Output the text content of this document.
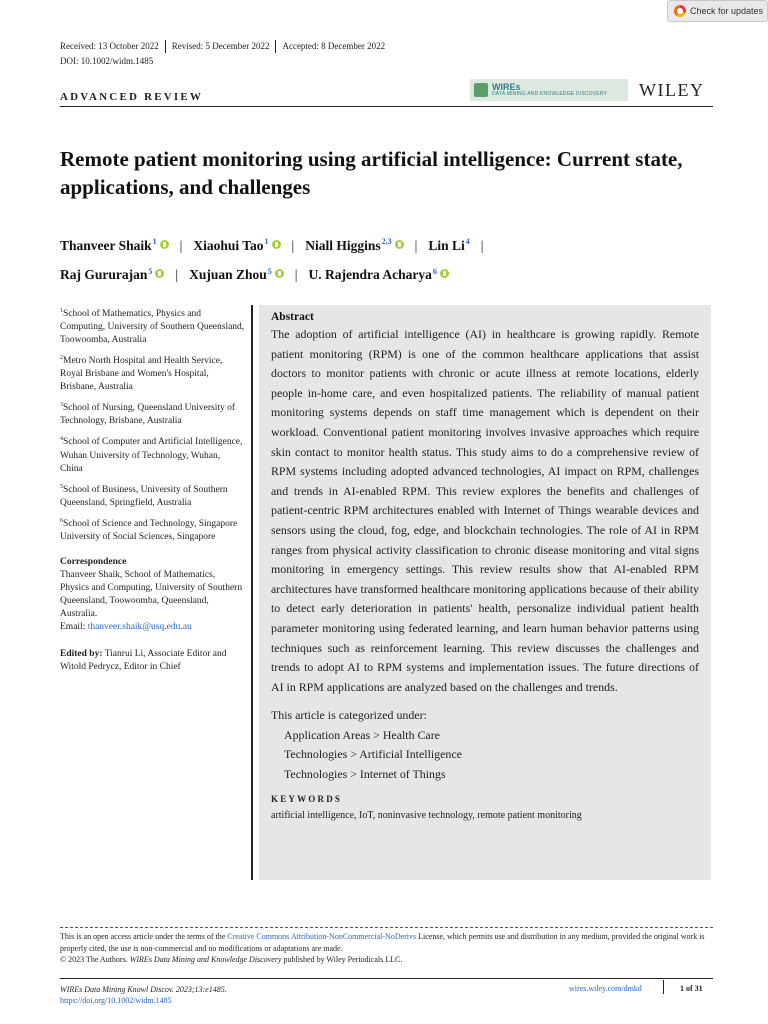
Check for updates
Received: 13 October 2022	Revised: 5 December 2022	Accepted: 8 December 2022
DOI: 10.1002/widm.1485
ADVANCED REVIEW
WIREs
DATA MINING AND KNOWLEDGE DISCOVERY WILEY
Remote patient monitoring using artificial intelligence: Current state, applications, and challenges
Thanveer Shaik$^1$ | Xiaohui Tao$^1$ | Niall Higgins$^{2,3}$ | Lin Li$^4$ |
Raj Gururajan$^5$ | Xujuan Zhou$^5$ | U. Rajendra Acharya$^6$
$^1$School of Mathematics, Physics and Computing, University of Southern Queensland, Toowoomba, Australia
$^2$Metro North Hospital and Health Service, Royal Brisbane and Women's Hospital, Brisbane, Australia
$^3$School of Nursing, Queensland University of Technology, Brisbane, Australia
$^4$School of Computer and Artificial Intelligence, Wuhan University of Technology, Wuhan, China
$^5$School of Business, University of Southern Queensland, Springfield, Australia
$^6$School of Science and Technology, Singapore University of Social Sciences, Singapore
Correspondence
Thanveer Shaik, School of Mathematics, Physics and Computing, University of Southern Queensland, Toowoomba, Queensland, Australia.
Email: thanveer.shaik@usq.edu.au
Edited by: Tianrui Li, Associate Editor and Witold Pedrycz, Editor in Chief
Abstract
The adoption of artificial intelligence (AI) in healthcare is growing rapidly. Remote patient monitoring (RPM) is one of the common healthcare applications that assist doctors to monitor patients with chronic or acute illness at remote locations, elderly people in-home care, and even hospitalized patients. The reliability of manual patient monitoring systems depends on staff time management which is dependent on their workload. Conventional patient monitoring involves invasive approaches which require skin contact to monitor health status. This study aims to do a comprehensive review of RPM systems including adopted advanced technologies, AI impact on RPM, challenges and trends in AI-enabled RPM. This review explores the benefits and challenges of patient-centric RPM architectures enabled with Internet of Things wearable devices and sensors using the cloud, fog, edge, and blockchain technologies. The role of AI in RPM ranges from physical activity classification to chronic disease monitoring and vital signs monitoring in emergency settings. This review results show that AI-enabled RPM architectures have transformed healthcare monitoring applications because of their ability to detect early deterioration in patients' health, personalize individual patient health parameter monitoring using federated learning, and learn human behavior patterns using techniques such as reinforcement learning. This review discusses the challenges and trends to adopt AI to RPM systems and implementation issues. The future directions of AI in RPM applications are analyzed based on the challenges and trends.
This article is categorized under:
Application Areas > Health Care
Technologies > Artificial Intelligence
Technologies > Internet of Things
KEYWORDS
artificial intelligence, IoT, noninvasive technology, remote patient monitoring
This is an open access article under the terms of the Creative Commons Attribution-NonCommercial-NoDerivs License, which permits use and distribution in any medium, provided the original work is properly cited, the use is non-commercial and no modifications or adaptations are made.
© 2023 The Authors. WIREs Data Mining and Knowledge Discovery published by Wiley Periodicals LLC.
WIREs Data Mining Knowl Discov. 2023;13:e1485.
https://doi.org/10.1002/widm.1485
wires.wiley.com/dmkd	1 of 31
